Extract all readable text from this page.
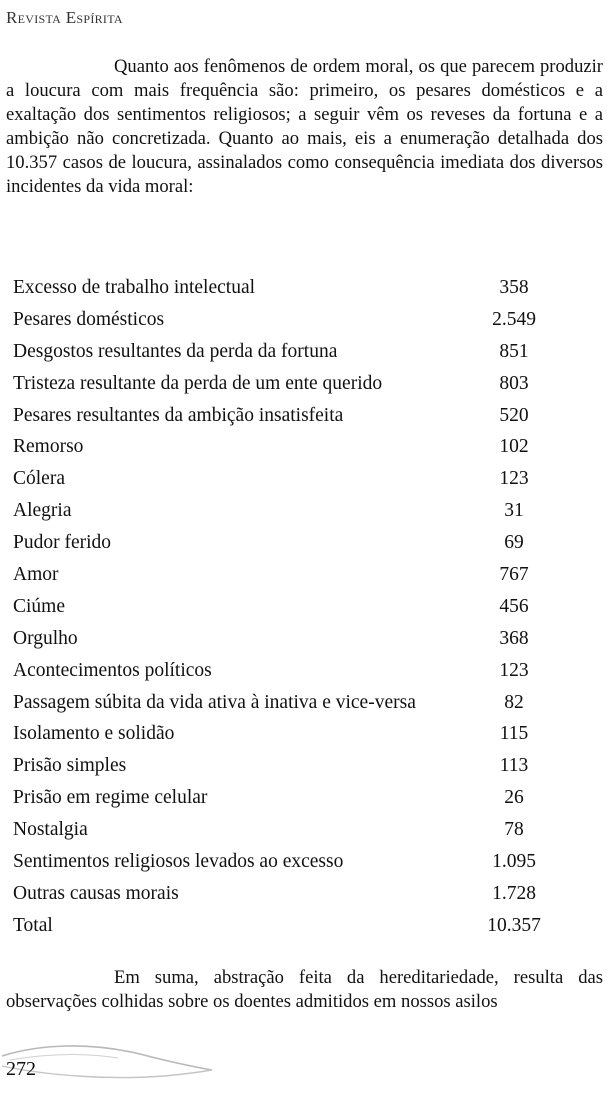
Revista Espírita

Quanto aos fenômenos de ordem moral, os que parecem produzir a loucura com mais frequência são: primeiro, os pesares domésticos e a exaltação dos sentimentos religiosos; a seguir vêm os reveses da fortuna e a ambição não concretizada. Quanto ao mais, eis a enumeração detalhada dos 10.357 casos de loucura, assinalados como consequência imediata dos diversos incidentes da vida moral:

Excesso de trabalho intelectual	358
Pesares domésticos	2.549
Desgostos resultantes da perda da fortuna	851
Tristeza resultante da perda de um ente querido	803
Pesares resultantes da ambição insatisfeita	520
Remorso	102
Cólera	123
Alegria	31
Pudor ferido	69
Amor	767
Ciúme	456
Orgulho	368
Acontecimentos políticos	123
Passagem súbita da vida ativa à inativa e vice-versa	82
Isolamento e solidão	115
Prisão simples	113
Prisão em regime celular	26
Nostalgia	78
Sentimentos religiosos levados ao excesso	1.095
Outras causas morais	1.728
Total	10.357

Em suma, abstração feita da hereditariedade, resulta das observações colhidas sobre os doentes admitidos em nossos asilos

272
